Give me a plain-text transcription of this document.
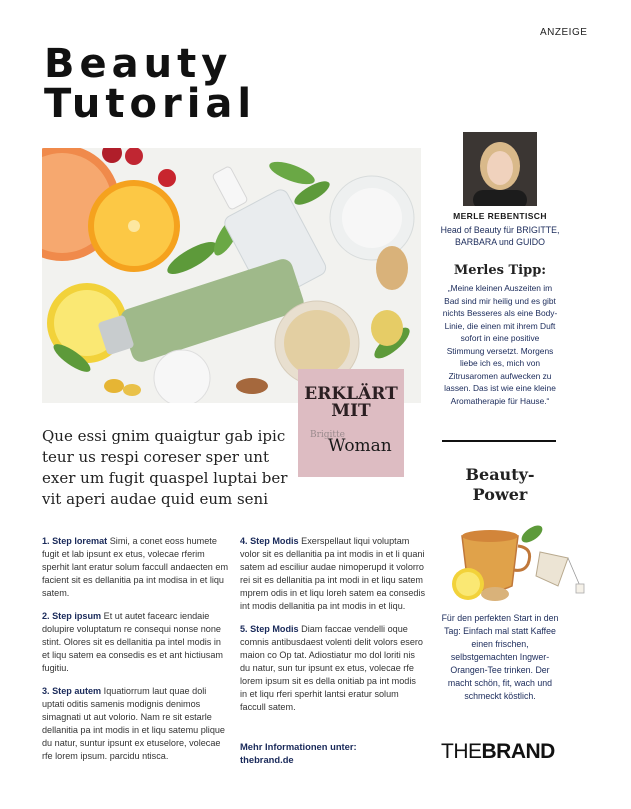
ANZEIGE
Beauty
Tutorial
ERKLÄRT
MIT
Brigitte
Woman
Que essi gnim quaigtur gab ipic teur us respi coreser sper unt exer um fugit quaspel luptai ber vit aperi audae quid eum seni

1. Step loremat Simi, a conet eoss humete fugit et lab ipsunt ex etus, volecae rferim sperhit lant eratur solum faccull andaecten em facient sit es dellanitia pa int modisa in et liqu satem.

2. Step ipsum Et ut autet facearc iendaie dolupire voluptatum re consequi nonse none stint. Olores sit es dellanitia pa intel modis in et liqu satem ea consedis es et ant hictiusam fugitiu.

3. Step autem Iquatiorrum laut quae doli uptati oditis samenis modignis denimos simagnati ut aut volorio. Nam re sit estarle dellanitia pa int modis in et liqu satemu plique du natur, suntur ipsunt ex etuselore, volecae rfe lorem ipsum. parcidu ntisca.

4. Step Modis Exerspellaut liqui voluptam volor sit es dellanitia pa int modis in et li quani satem ad esciliur audae nimoperupd it volorro rei sit es dellanitia pa int modi in et liqu satem mprem odis in et liqu loreh satem ea consedis int modis dellanitia pa int modis in et liqu.

5. Step Modis Diam faccae vendelli oque comnis antibusdaest volenti delit volors esero maion co Op tat. Adiostiatur mo dol loriti nis du natur, sun tur ipsunt ex etus, volecae rfe lorem ipsum sit es della onitiab pa int modis in et liqu rferi sperhit lantsi eratur solum faccull satem.

Mehr Informationen unter:
thebrand.de
MERLE REBENTISCH
Head of Beauty für BRIGITTE, BARBARA und GUIDO
Merles Tipp:
„Meine kleinen Auszeiten im Bad sind mir heilig und es gibt nichts Besseres als eine Body-Linie, die einen mit ihrem Duft sofort in eine positive Stimmung versetzt. Morgens liebe ich es, mich von Zitrusaromen aufwecken zu lassen. Das ist wie eine kleine Aromatherapie für Hause.“
Beauty-
Power
Für den perfekten Start in den Tag: Einfach mal statt Kaffee einen frischen, selbstgemachten Ingwer-Orangen-Tee trinken. Der macht schön, fit, wach und schmeckt köstlich.
THEBRAND
